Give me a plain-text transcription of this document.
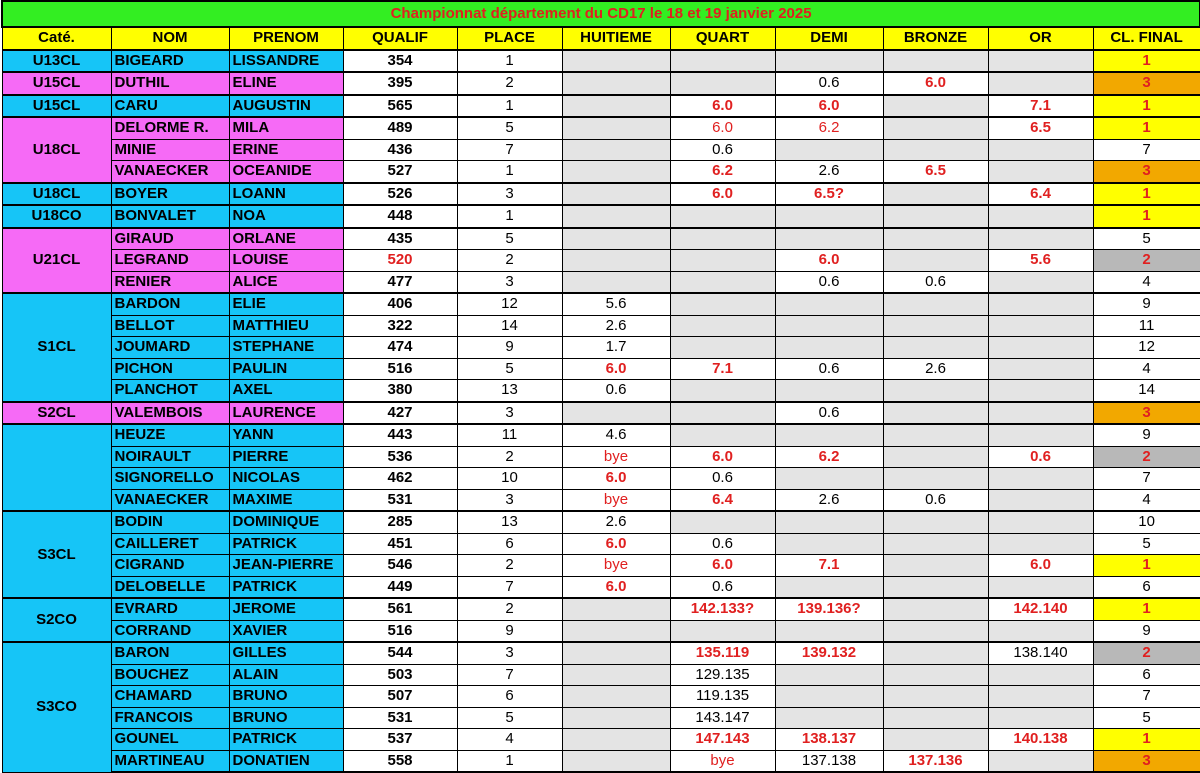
Championnat département du CD17 le 18 et 19 janvier 2025										
Caté.	NOM	PRENOM	QUALIF	PLACE	HUITIEME	QUART	DEMI	BRONZE	OR	CL. FINAL
U13CL	BIGEARD	LISSANDRE	354	1						1
U15CL	DUTHIL	ELINE	395	2			0.6	6.0		3
U15CL	CARU	AUGUSTIN	565	1		6.0	6.0		7.1	1
U18CL	DELORME R.	MILA	489	5		6.0	6.2		6.5	1
	MINIE	ERINE	436	7		0.6				7
	VANAECKER	OCEANIDE	527	1		6.2	2.6	6.5		3
U18CL	BOYER	LOANN	526	3		6.0	6.5?		6.4	1
U18CO	BONVALET	NOA	448	1						1
U21CL	GIRAUD	ORLANE	435	5						5
	LEGRAND	LOUISE	520	2			6.0		5.6	2
	RENIER	ALICE	477	3			0.6	0.6		4
S1CL	BARDON	ELIE	406	12	5.6					9
	BELLOT	MATTHIEU	322	14	2.6					11
	JOUMARD	STEPHANE	474	9	1.7					12
	PICHON	PAULIN	516	5	6.0	7.1	0.6	2.6		4
	PLANCHOT	AXEL	380	13	0.6					14
S2CL	VALEMBOIS	LAURENCE	427	3			0.6			3
	HEUZE	YANN	443	11	4.6					9
	NOIRAULT	PIERRE	536	2	bye	6.0	6.2		0.6	2
	SIGNORELLO	NICOLAS	462	10	6.0	0.6				7
	VANAECKER	MAXIME	531	3	bye	6.4	2.6	0.6		4
S3CL	BODIN	DOMINIQUE	285	13	2.6					10
	CAILLERET	PATRICK	451	6	6.0	0.6				5
	CIGRAND	JEAN-PIERRE	546	2	bye	6.0	7.1		6.0	1
	DELOBELLE	PATRICK	449	7	6.0	0.6				6
S2CO	EVRARD	JEROME	561	2		142.133?	139.136?		142.140	1
	CORRAND	XAVIER	516	9						9
S3CO	BARON	GILLES	544	3		135.119	139.132		138.140	2
	BOUCHEZ	ALAIN	503	7		129.135				6
	CHAMARD	BRUNO	507	6		119.135				7
	FRANCOIS	BRUNO	531	5		143.147				5
	GOUNEL	PATRICK	537	4		147.143	138.137		140.138	1
	MARTINEAU	DONATIEN	558	1		bye	137.138	137.136		3
